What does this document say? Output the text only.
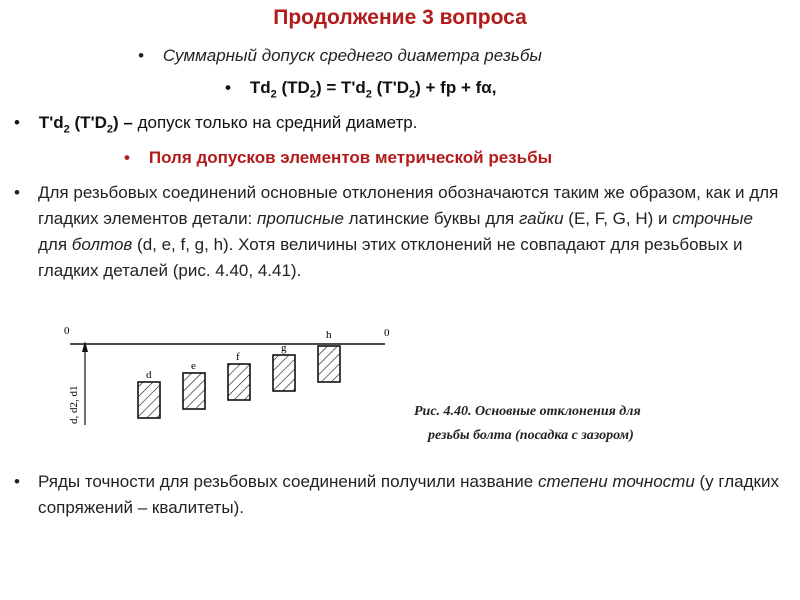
Продолжение 3 вопроса
• Суммарный допуск среднего диаметра резьбы
• $Td_2$ $(TD_2) = T'd_2$ $(T'D_2)$ + fp + fα,
• $T'd_2$ $(T'D_2)$ – допуск только на средний диаметр.
• Поля допусков элементов метрической резьбы
• Для резьбовых соединений основные отклонения обозначаются таким же образом, как и для гладких элементов детали: прописные латинские буквы для гайки (E, F, G, H) и строчные для болтов (d, e, f, g, h). Хотя величины этих отклонений не совпадают для резьбовых и гладких деталей (рис. 4.40, 4.41).
0	0
d, d2, d1
d
e
f
g
h
Рис. 4.40. Основные отклонения для
резьбы болта (посадка с зазором)
• Ряды точности для резьбовых соединений получили название степени точности (у гладких сопряжений – квалитеты).
